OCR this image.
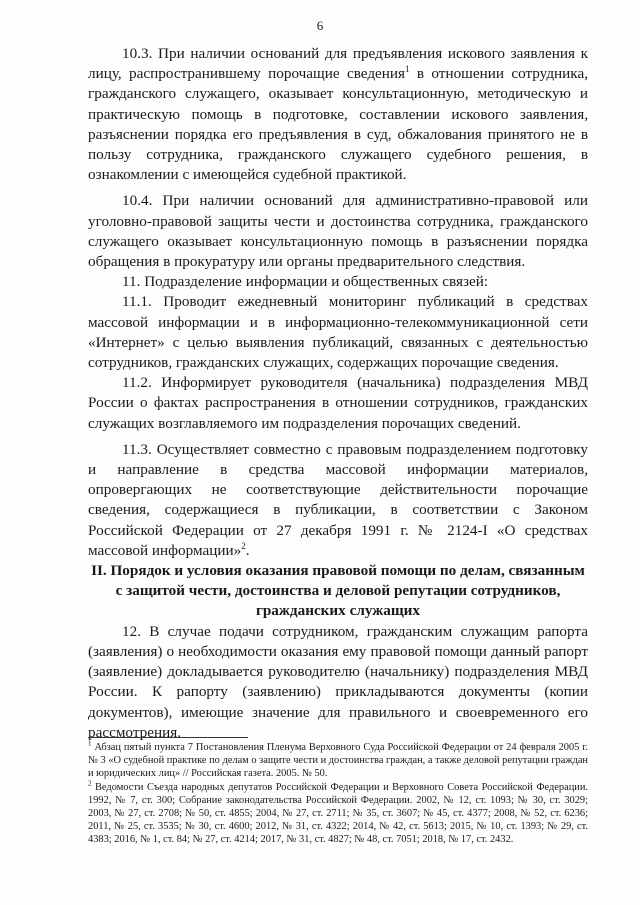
6

10.3. При наличии оснований для предъявления искового заявления к лицу, распространившему порочащие сведения$^1$ в отношении сотрудника, гражданского служащего, оказывает консультационную, методическую и практическую помощь в подготовке, составлении искового заявления, разъяснении порядка его предъявления в суд, обжалования принятого не в пользу сотрудника, гражданского служащего судебного решения, в ознакомлении с имеющейся судебной практикой.

10.4. При наличии оснований для административно-правовой или уголовно-правовой защиты чести и достоинства сотрудника, гражданского служащего оказывает консультационную помощь в разъяснении порядка обращения в прокуратуру или органы предварительного следствия.

11. Подразделение информации и общественных связей:

11.1. Проводит ежедневный мониторинг публикаций в средствах массовой информации и в информационно-телекоммуникационной сети «Интернет» с целью выявления публикаций, связанных с деятельностью сотрудников, гражданских служащих, содержащих порочащие сведения.

11.2. Информирует руководителя (начальника) подразделения МВД России о фактах распространения в отношении сотрудников, гражданских служащих возглавляемого им подразделения порочащих сведений.

11.3. Осуществляет совместно с правовым подразделением подготовку и направление в средства массовой информации материалов, опровергающих не соответствующие действительности порочащие сведения, содержащиеся в публикации, в соответствии с Законом Российской Федерации от 27 декабря 1991 г. № 2124-I «О средствах массовой информации»$^2$.

II. Порядок и условия оказания правовой помощи по делам, связанным с защитой чести, достоинства и деловой репутации сотрудников, гражданских служащих

12. В случае подачи сотрудником, гражданским служащим рапорта (заявления) о необходимости оказания ему правовой помощи данный рапорт (заявление) докладывается руководителю (начальнику) подразделения МВД России. К рапорту (заявлению) прикладываются документы (копии документов), имеющие значение для правильного и своевременного его рассмотрения.

$^1$ Абзац пятый пункта 7 Постановления Пленума Верховного Суда Российской Федерации от 24 февраля 2005 г. № 3 «О судебной практике по делам о защите чести и достоинства граждан, а также деловой репутации граждан и юридических лиц» // Российская газета. 2005. № 50.

$^2$ Ведомости Съезда народных депутатов Российской Федерации и Верховного Совета Российской Федерации. 1992, № 7, ст. 300; Собрание законодательства Российской Федерации. 2002, № 12, ст. 1093; № 30, ст. 3029; 2003, № 27, ст. 2708; № 50, ст. 4855; 2004, № 27, ст. 2711; № 35, ст. 3607; № 45, ст. 4377; 2008, № 52, ст. 6236; 2011, № 25, ст. 3535; № 30, ст. 4600; 2012, № 31, ст. 4322; 2014, № 42, ст. 5613; 2015, № 10, ст. 1393; № 29, ст. 4383; 2016, № 1, ст. 84; № 27, ст. 4214; 2017, № 31, ст. 4827; № 48, ст. 7051; 2018, № 17, ст. 2432.
